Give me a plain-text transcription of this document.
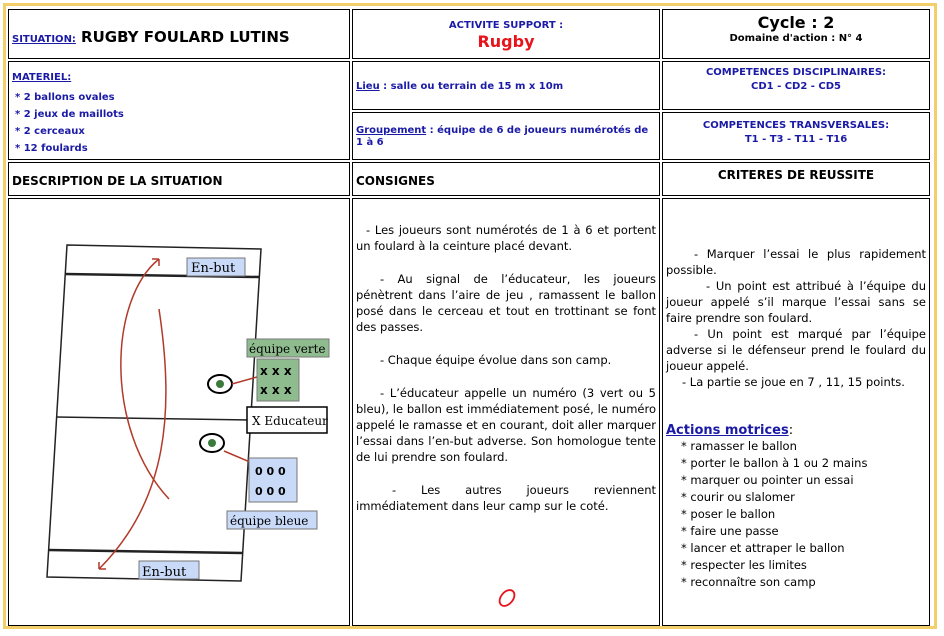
SITUATION: RUGBY FOULARD LUTINS
ACTIVITE SUPPORT :
Rugby
Cycle : 2
Domaine d'action : N° 4
MATERIEL:
* 2 ballons ovales
* 2 jeux de maillots
* 2 cerceaux
* 12 foulards
Lieu : salle ou terrain de 15 m x 10m
Groupement : équipe de 6 de joueurs numérotés de 1 à 6
COMPETENCES DISCIPLINAIRES:
CD1 - CD2 - CD5
COMPETENCES TRANSVERSALES:
T1 - T3 - T11 - T16
DESCRIPTION DE LA SITUATION	CONSIGNES	CRITERES DE REUSSITE
En-but
En-but
équipe verte
x x x
x x x
X Educateur
0 0 0
0 0 0
équipe bleue

- Les joueurs sont numérotés de 1 à 6 et portent un foulard à la ceinture placé devant.

- Au signal de l’éducateur, les joueurs pénètrent dans l’aire de jeu , ramassent le ballon posé dans le cerceau et tout en trottinant se font des passes.

- Chaque équipe évolue dans son camp.

- L’éducateur appelle un numéro (3 vert ou 5 bleu), le ballon est immédiatement posé, le numéro appelé le ramasse et en courant, doit aller marquer l’essai dans l’en-but adverse. Son homologue tente de lui prendre son foulard.

- Les autres joueurs reviennent immédiatement dans leur camp sur le coté.

- Marquer l’essai le plus rapidement possible.

- Un point est attribué à l’équipe du joueur appelé s’il marque l’essai sans se faire prendre son foulard.

- Un point est marqué par l’équipe adverse si le défenseur prend le foulard du joueur appelé.

- La partie se joue en 7 , 11, 15 points.

Actions motrices:
* ramasser le ballon
* porter le ballon à 1 ou 2 mains
* marquer ou pointer un essai
* courir ou slalomer
* poser le ballon
* faire une passe
* lancer et attraper le ballon
* respecter les limites
* reconnaître son camp
